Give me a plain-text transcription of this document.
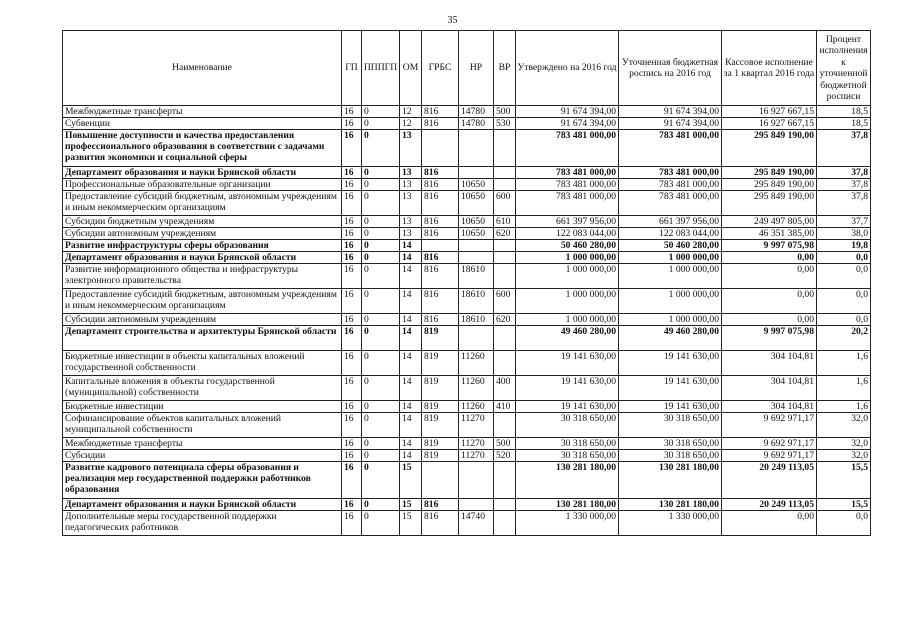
35
Наименование	ГП	ПППГП	ОМ	ГРБС	НР	ВР	Утверждено на 2016 год	Уточненная бюджетная роспись на 2016 год	Кассовое исполнение за 1 квартал 2016 года	Процент исполнения к уточненной бюджетной росписи
Межбюджетные трансферты	16	0	12	816	14780	500	91 674 394,00	91 674 394,00	16 927 667,15	18,5
Субвенции	16	0	12	816	14780	530	91 674 394,00	91 674 394,00	16 927 667,15	18,5
Повышение доступности и качества предоставления профессионального образования в соответствии с задачами развития экономики и социальной сферы	16	0	13				783 481 000,00	783 481 000,00	295 849 190,00	37,8
Департамент образования и науки Брянской области	16	0	13	816			783 481 000,00	783 481 000,00	295 849 190,00	37,8
Профессиональные образовательные организации	16	0	13	816	10650		783 481 000,00	783 481 000,00	295 849 190,00	37,8
Предоставление субсидий бюджетным, автономным учреждениям и иным некоммерческим организациям	16	0	13	816	10650	600	783 481 000,00	783 481 000,00	295 849 190,00	37,8
Субсидии бюджетным учреждениям	16	0	13	816	10650	610	661 397 956,00	661 397 956,00	249 497 805,00	37,7
Субсидии автономным учреждениям	16	0	13	816	10650	620	122 083 044,00	122 083 044,00	46 351 385,00	38,0
Развитие инфраструктуры сферы образования	16	0	14				50 460 280,00	50 460 280,00	9 997 075,98	19,8
Департамент образования и науки Брянской области	16	0	14	816			1 000 000,00	1 000 000,00	0,00	0,0
Развитие информационного общества и инфраструктуры электронного правительства	16	0	14	816	18610		1 000 000,00	1 000 000,00	0,00	0,0
Предоставление субсидий бюджетным, автономным учреждениям и иным некоммерческим организациям	16	0	14	816	18610	600	1 000 000,00	1 000 000,00	0,00	0,0
Субсидии автономным учреждениям	16	0	14	816	18610	620	1 000 000,00	1 000 000,00	0,00	0,0
Департамент строительства и архитектуры Брянской области	16	0	14	819			49 460 280,00	49 460 280,00	9 997 075,98	20,2
Бюджетные инвестиции в объекты капитальных вложений государственной собственности	16	0	14	819	11260		19 141 630,00	19 141 630,00	304 104,81	1,6
Капитальные вложения в объекты государственной (муниципальной) собственности	16	0	14	819	11260	400	19 141 630,00	19 141 630,00	304 104,81	1,6
Бюджетные инвестиции	16	0	14	819	11260	410	19 141 630,00	19 141 630,00	304 104,81	1,6
Софинансирование объектов капитальных вложений муниципальной собственности	16	0	14	819	11270		30 318 650,00	30 318 650,00	9 692 971,17	32,0
Межбюджетные трансферты	16	0	14	819	11270	500	30 318 650,00	30 318 650,00	9 692 971,17	32,0
Субсидии	16	0	14	819	11270	520	30 318 650,00	30 318 650,00	9 692 971,17	32,0
Развитие кадрового потенциала сферы образования и реализация мер государственной поддержки работников образования	16	0	15				130 281 180,00	130 281 180,00	20 249 113,05	15,5
Департамент образования и науки Брянской области	16	0	15	816			130 281 180,00	130 281 180,00	20 249 113,05	15,5
Дополнительные меры государственной поддержки педагогических работников	16	0	15	816	14740		1 330 000,00	1 330 000,00	0,00	0,0
